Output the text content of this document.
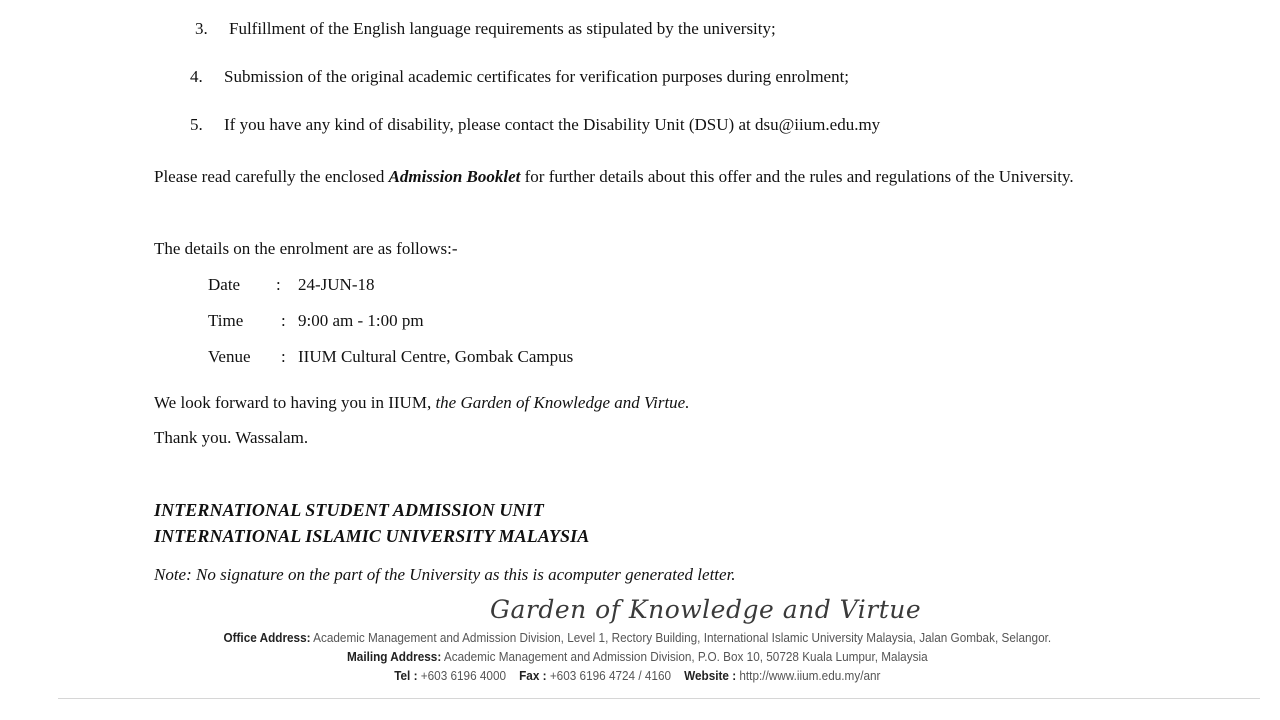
3. Fulfillment of the English language requirements as stipulated by the university;
4. Submission of the original academic certificates for verification purposes during enrolment;
5. If you have any kind of disability, please contact the Disability Unit (DSU) at dsu@iium.edu.my
Please read carefully the enclosed Admission Booklet for further details about this offer and the rules and regulations of the University.
The details on the enrolment are as follows:-
Date : 24-JUN-18
Time : 9:00 am - 1:00 pm
Venue : IIUM Cultural Centre, Gombak Campus
We look forward to having you in IIUM, the Garden of Knowledge and Virtue.
Thank you. Wassalam.
INTERNATIONAL STUDENT ADMISSION UNIT
INTERNATIONAL ISLAMIC UNIVERSITY MALAYSIA
Note: No signature on the part of the University as this is acomputer generated letter.
Garden of Knowledge and Virtue
Office Address: Academic Management and Admission Division, Level 1, Rectory Building, International Islamic University Malaysia, Jalan Gombak, Selangor.
Mailing Address: Academic Management and Admission Division, P.O. Box 10, 50728 Kuala Lumpur, Malaysia
Tel : +603 6196 4000 Fax : +603 6196 4724 / 4160 Website : http://www.iium.edu.my/anr
